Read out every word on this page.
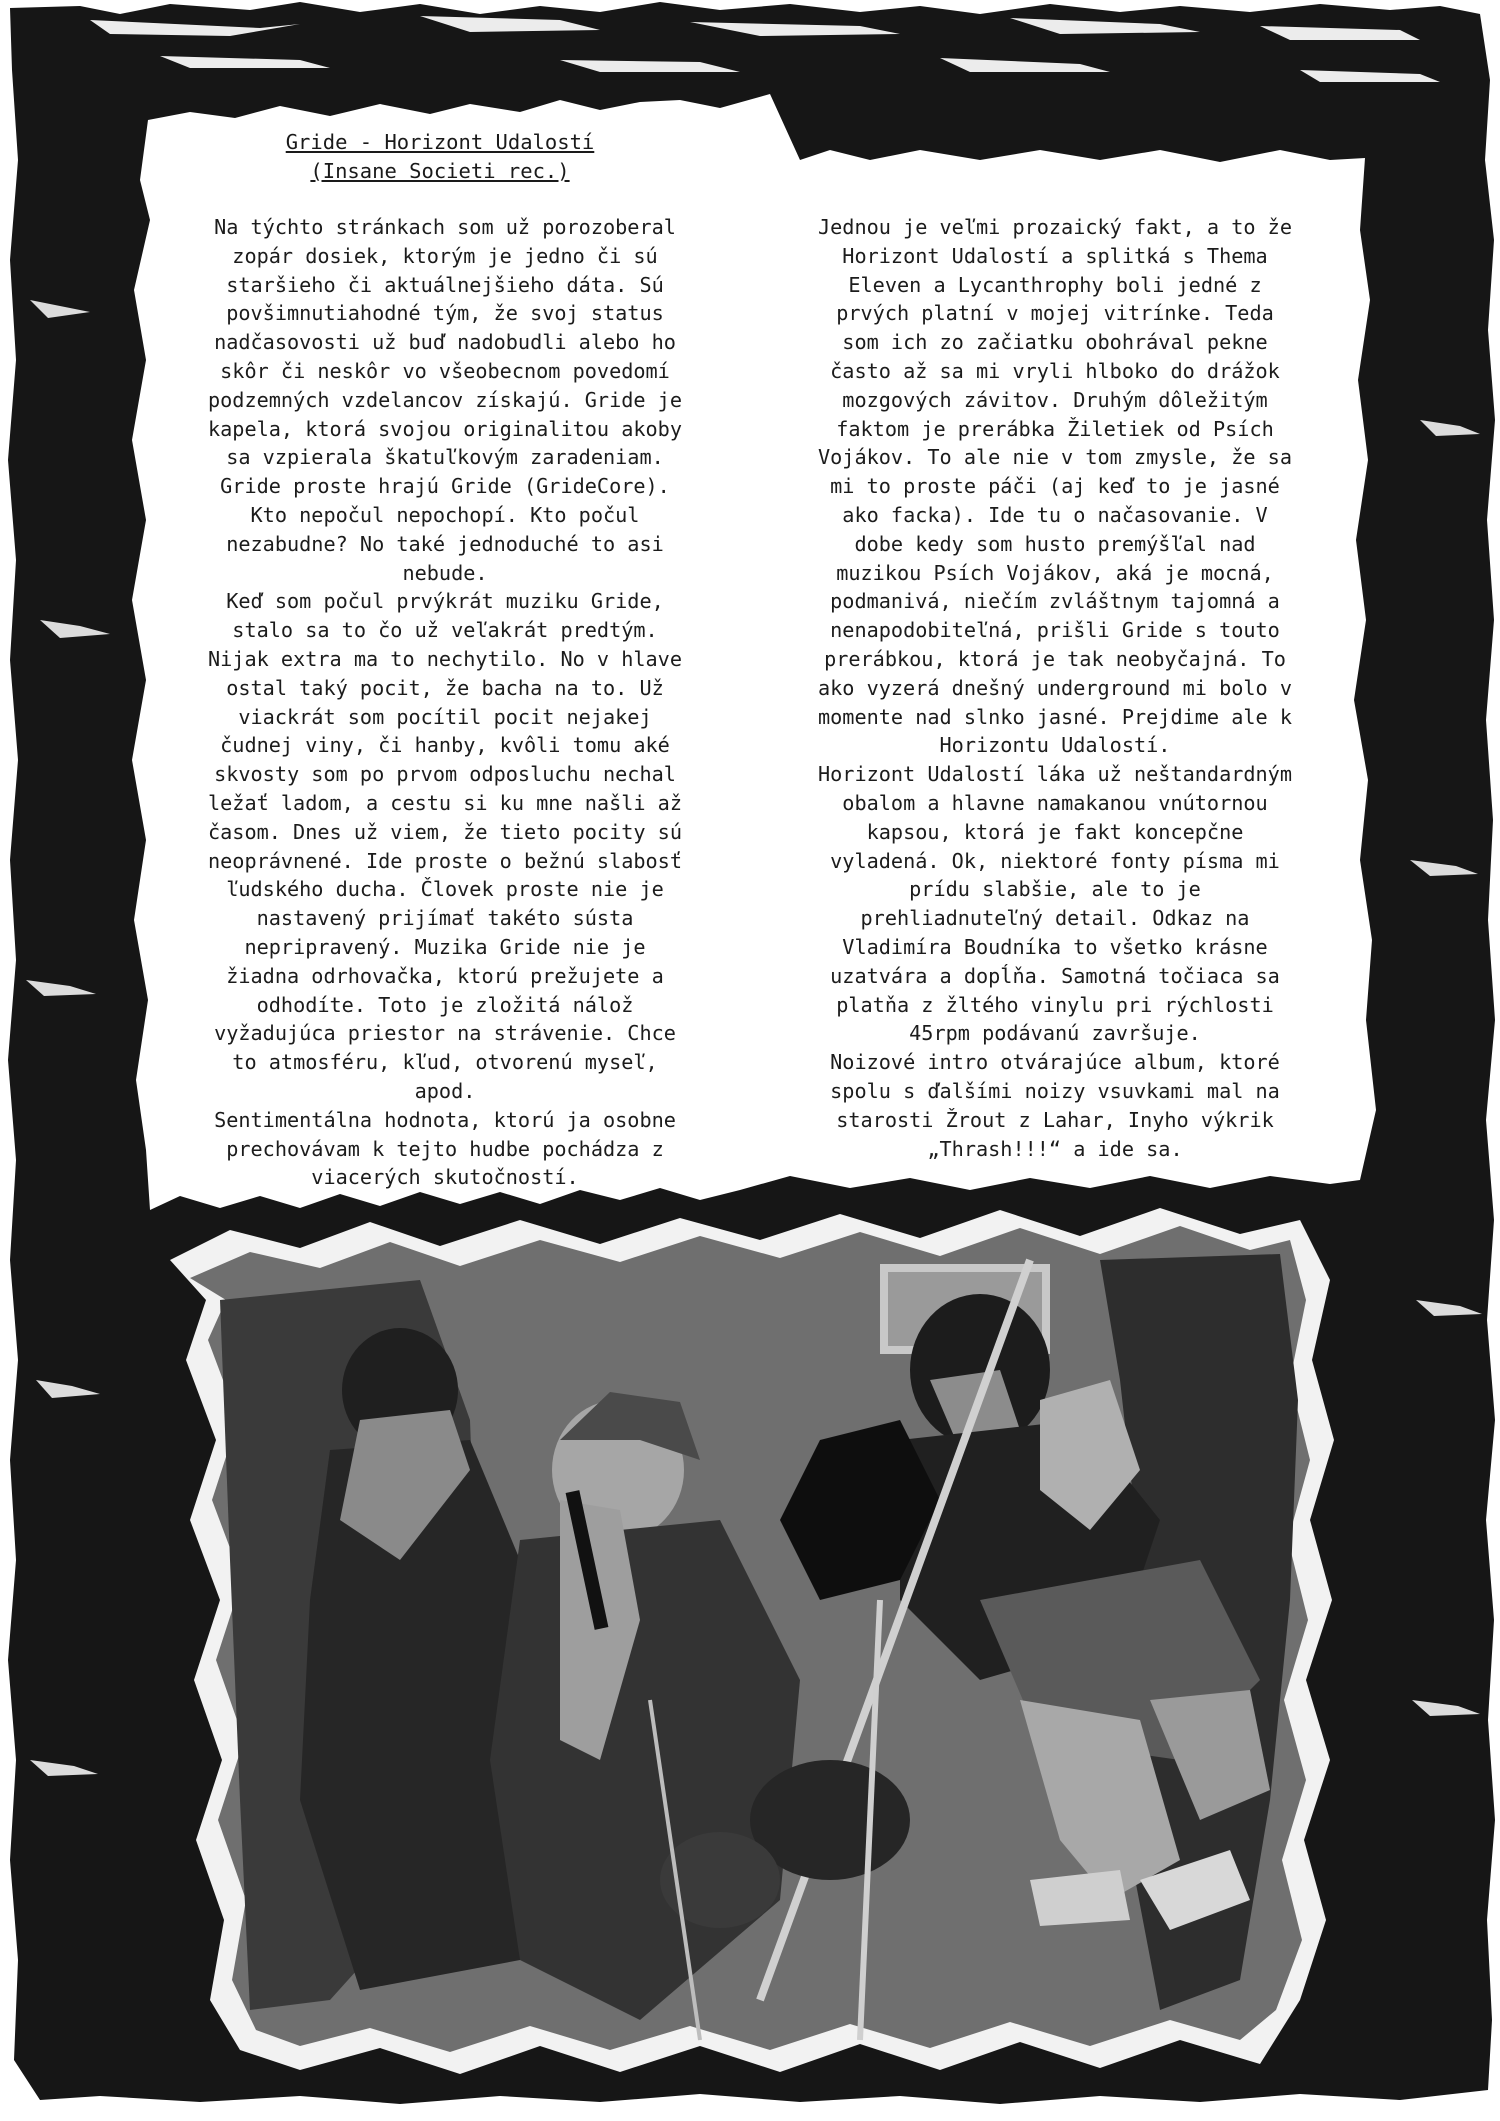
Gride - Horizont Udalostí
(Insane Societi rec.)
Na týchto stránkach som už porozoberal
zopár dosiek, ktorým je jedno či sú
staršieho či aktuálnejšieho dáta. Sú
povšimnutiahodné tým, že svoj status
nadčasovosti už buď nadobudli alebo ho
skôr či neskôr vo všeobecnom povedomí
podzemných vzdelancov získajú. Gride je
kapela, ktorá svojou originalitou akoby
sa vzpierala škatuľkovým zaradeniam.
Gride proste hrajú Gride (GrideCore).
Kto nepočul nepochopí. Kto počul
nezabudne? No také jednoduché to asi
nebude.
Keď som počul prvýkrát muziku Gride,
stalo sa to čo už veľakrát predtým.
Nijak extra ma to nechytilo. No v hlave
ostal taký pocit, že bacha na to. Už
viackrát som pocítil pocit nejakej
čudnej viny, či hanby, kvôli tomu aké
skvosty som po prvom odposluchu nechal
ležať ladom, a cestu si ku mne našli až
časom. Dnes už viem, že tieto pocity sú
neoprávnené. Ide proste o bežnú slabosť
ľudského ducha. Človek proste nie je
nastavený prijímať takéto sústa
nepripravený. Muzika Gride nie je
žiadna odrhovačka, ktorú prežujete a
odhodíte. Toto je zložitá nálož
vyžadujúca priestor na strávenie. Chce
to atmosféru, kľud, otvorenú myseľ,
apod.
Sentimentálna hodnota, ktorú ja osobne
prechovávam k tejto hudbe pochádza z
viacerých skutočností.
Jednou je veľmi prozaický fakt, a to že
Horizont Udalostí a splitká s Thema
Eleven a Lycanthrophy boli jedné z
prvých platní v mojej vitrínke. Teda
som ich zo začiatku obohrával pekne
často až sa mi vryli hlboko do drážok
mozgových závitov. Druhým dôležitým
faktom je prerábka Žiletiek od Psích
Vojákov. To ale nie v tom zmysle, že sa
mi to proste páči (aj keď to je jasné
ako facka). Ide tu o načasovanie. V
dobe kedy som husto premýšľal nad
muzikou Psích Vojákov, aká je mocná,
podmanivá, niečím zvláštnym tajomná a
nenapodobiteľná, prišli Gride s touto
prerábkou, ktorá je tak neobyčajná. To
ako vyzerá dnešný underground mi bolo v
momente nad slnko jasné. Prejdime ale k
Horizontu Udalostí.
Horizont Udalostí láka už neštandardným
obalom a hlavne namakanou vnútornou
kapsou, ktorá je fakt koncepčne
vyladená. Ok, niektoré fonty písma mi
prídu slabšie, ale to je
prehliadnuteľný detail. Odkaz na
Vladimíra Boudníka to všetko krásne
uzatvára a dopĺňa. Samotná točiaca sa
platňa z žltého vinylu pri rýchlosti
45rpm podávanú završuje.
Noizové intro otvárajúce album, ktoré
spolu s ďalšími noizy vsuvkami mal na
starosti Žrout z Lahar, Inyho výkrik
„Thrash!!!“ a ide sa.
